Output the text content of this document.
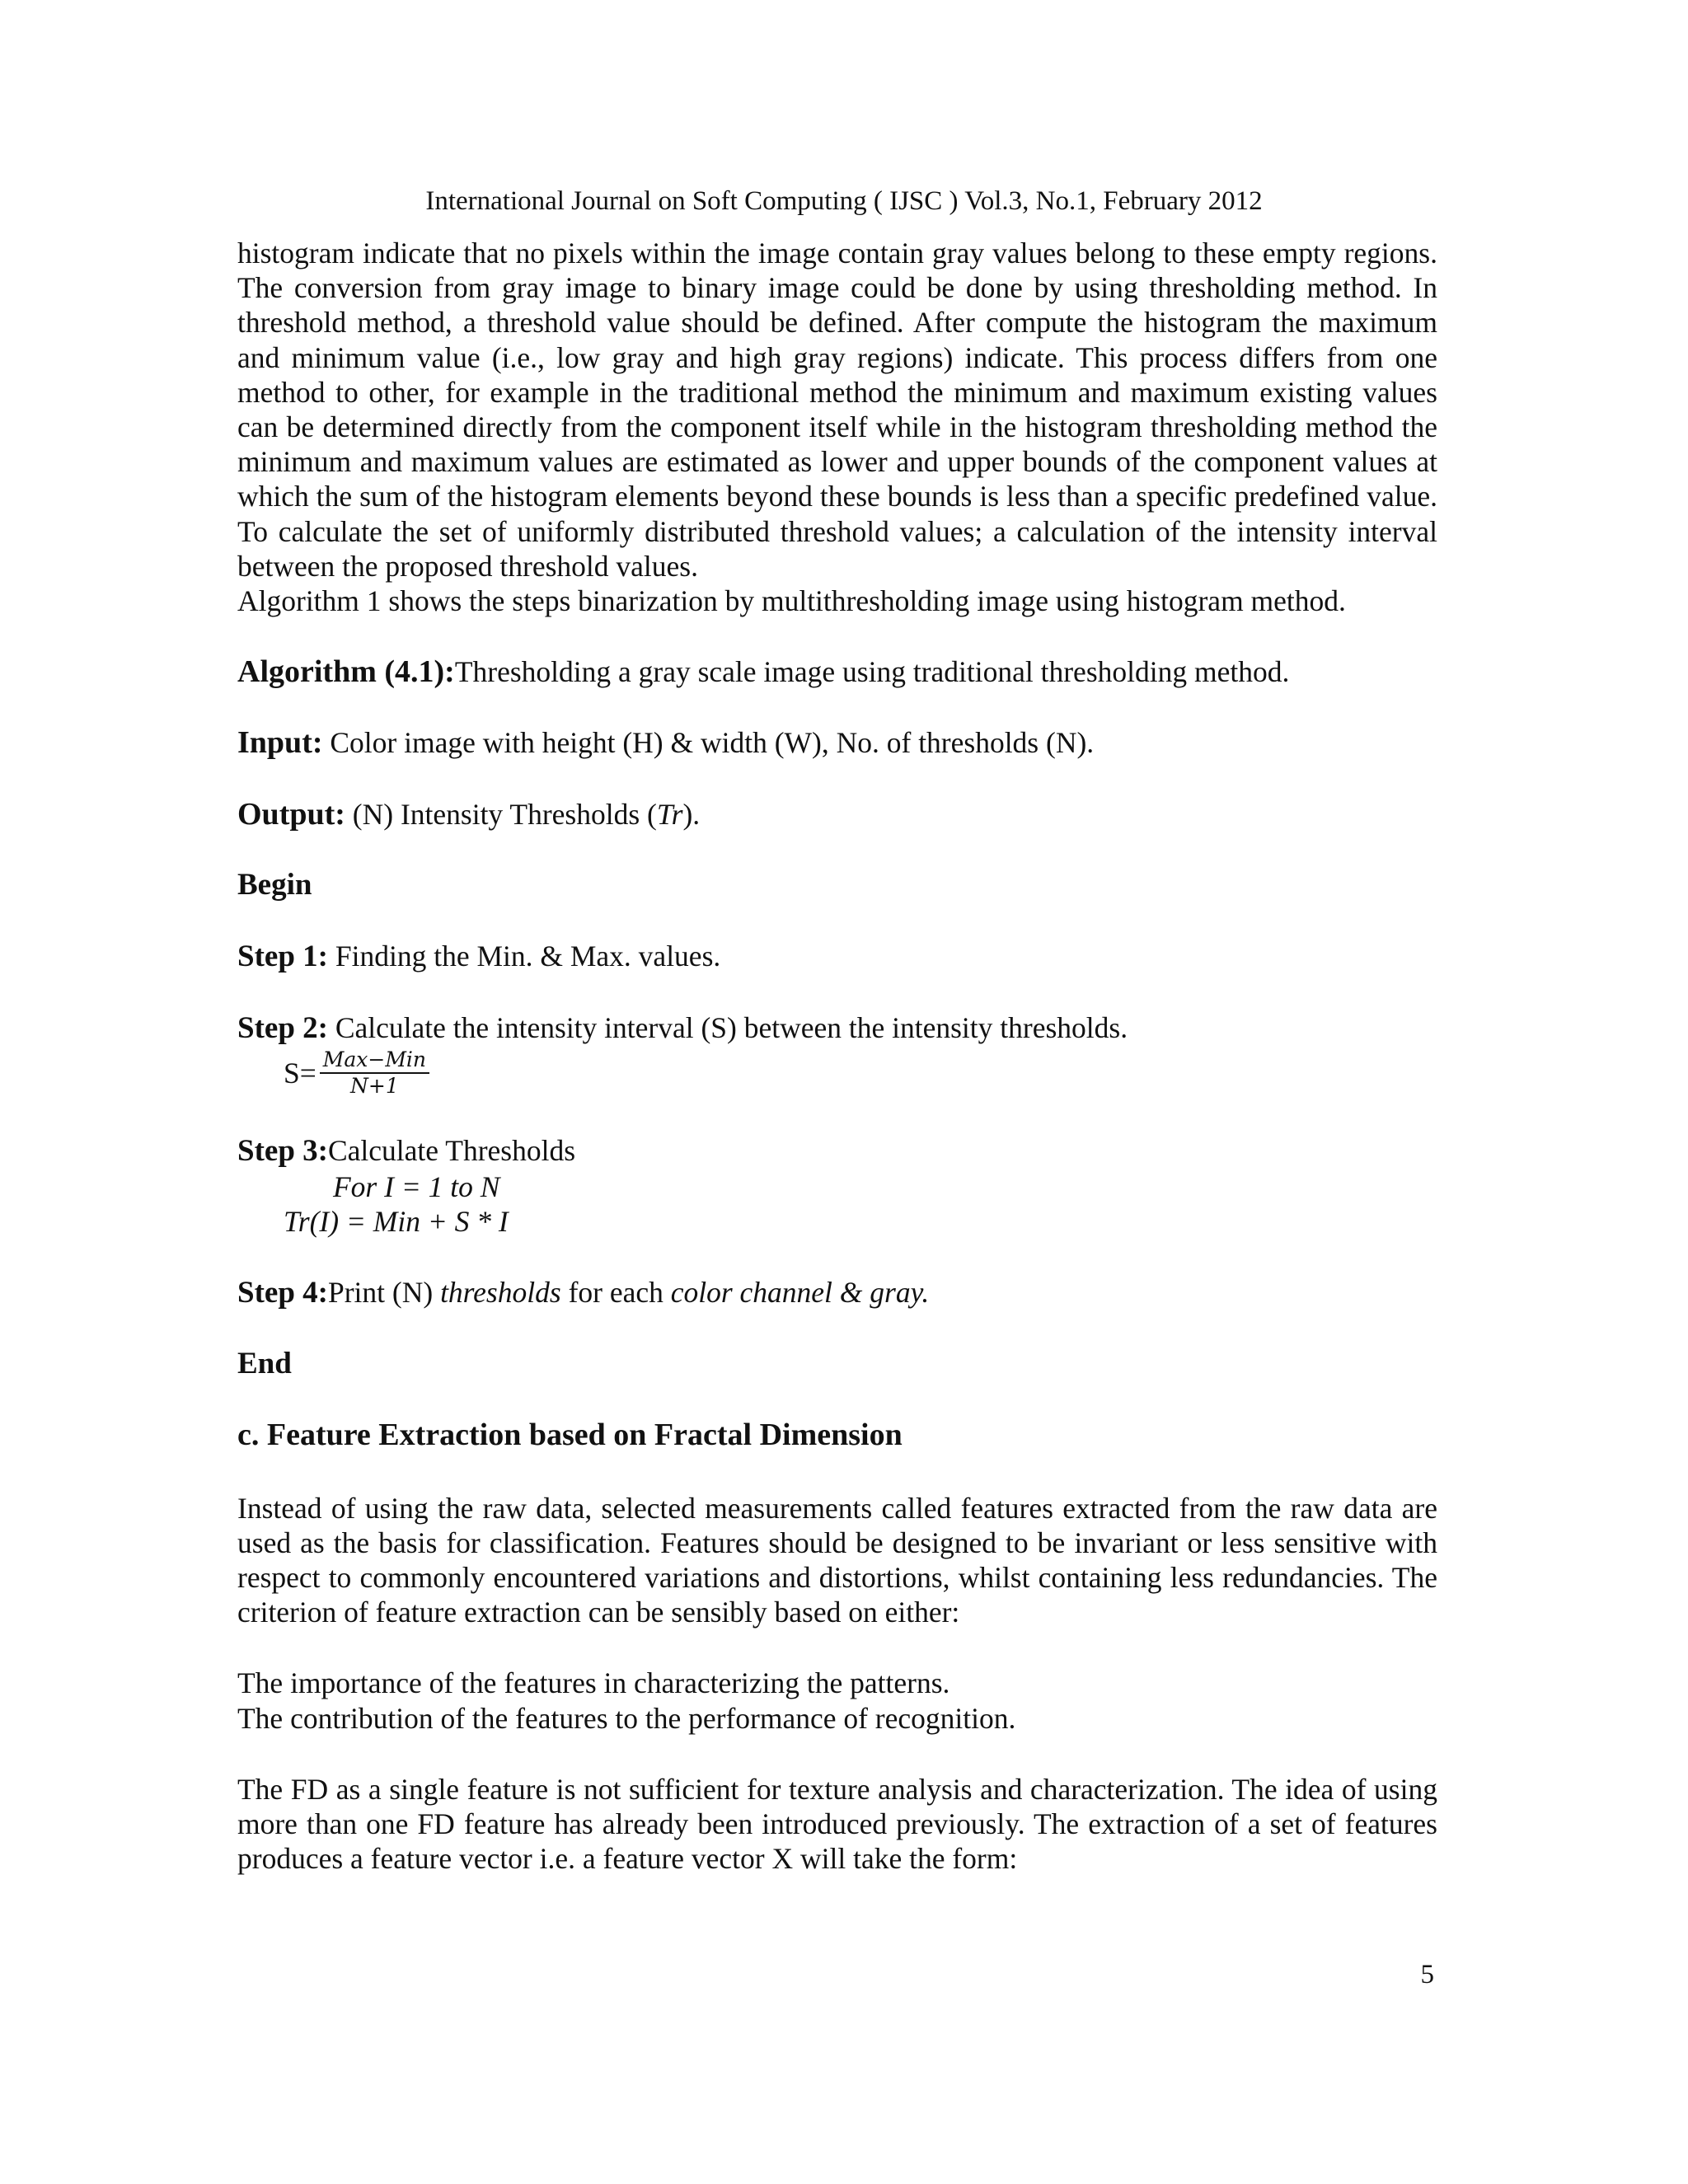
International Journal on Soft Computing ( IJSC ) Vol.3, No.1, February 2012

histogram indicate that no pixels within the image contain gray values belong to these empty regions. The conversion from gray image to binary image could be done by using thresholding method. In threshold method, a threshold value should be defined. After compute the histogram the maximum and minimum value (i.e., low gray and high gray regions) indicate. This process differs from one method to other, for example in the traditional method the minimum and maximum existing values can be determined directly from the component itself while in the histogram thresholding method the minimum and maximum values are estimated as lower and upper bounds of the component values at which the sum of the histogram elements beyond these bounds is less than a specific predefined value. To calculate the set of uniformly distributed threshold values; a calculation of the intensity interval between the proposed threshold values.

Algorithm 1 shows the steps binarization by multithresholding image using histogram method.

Algorithm (4.1):Thresholding a gray scale image using traditional thresholding method.

Input: Color image with height (H) & width (W), No. of thresholds (N).

Output: (N) Intensity Thresholds (Tr).

Begin

Step 1: Finding the Min. & Max. values.

Step 2: Calculate the intensity interval (S) between the intensity thresholds.

$S= \frac{\text{Max−Min}}{N+1}$

Step 3:Calculate Thresholds

For I = 1 to N

Tr(I) = Min + S * I

Step 4:Print (N) thresholds for each color channel & gray.

End

c. Feature Extraction based on Fractal Dimension

Instead of using the raw data, selected measurements called features extracted from the raw data are used as the basis for classification. Features should be designed to be invariant or less sensitive with respect to commonly encountered variations and distortions, whilst containing less redundancies. The criterion of feature extraction can be sensibly based on either:

The importance of the features in characterizing the patterns.

The contribution of the features to the performance of recognition.

The FD as a single feature is not sufficient for texture analysis and characterization. The idea of using more than one FD feature has already been introduced previously. The extraction of a set of features produces a feature vector i.e. a feature vector X will take the form:

5
